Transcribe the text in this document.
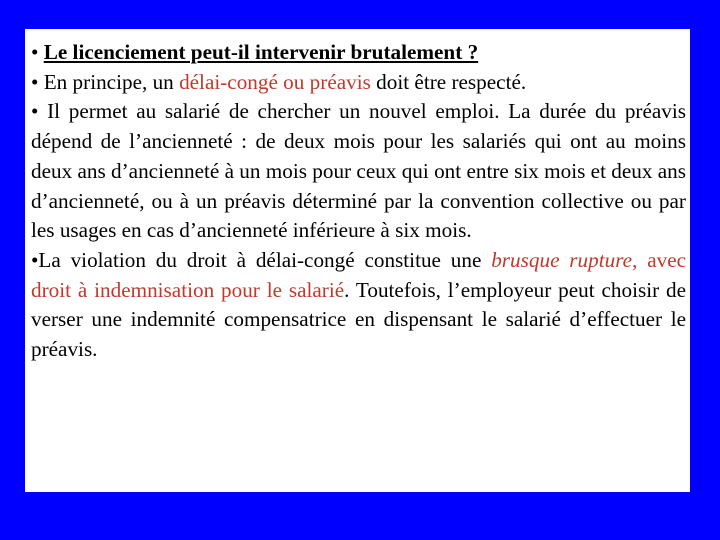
• Le licenciement peut-il intervenir brutalement ?

• En principe, un délai-congé ou préavis doit être respecté.

• Il permet au salarié de chercher un nouvel emploi. La durée du préavis dépend de l’ancienneté : de deux mois pour les salariés qui ont au moins deux ans d’ancienneté à un mois pour ceux qui ont entre six mois et deux ans d’ancienneté, ou à un préavis déterminé par la convention collective ou par les usages en cas d’ancienneté inférieure à six mois.

•La violation du droit à délai-congé constitue une brusque rupture, avec droit à indemnisation pour le salarié. Toutefois, l’employeur peut choisir de verser une indemnité compensatrice en dispensant le salarié d’effectuer le préavis.
